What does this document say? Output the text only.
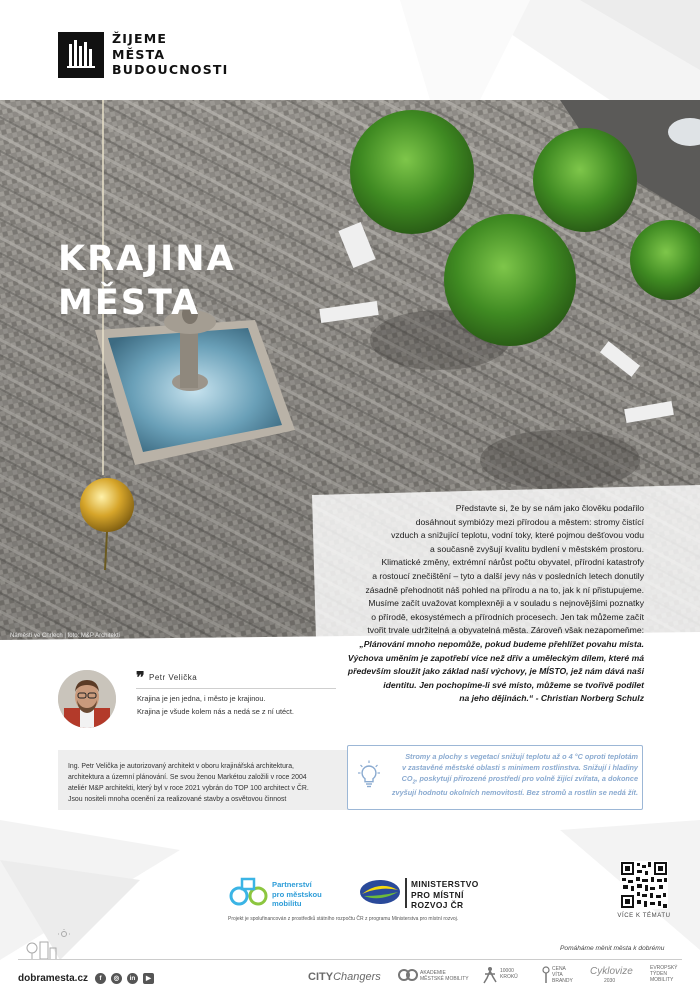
ŽIJEME
MĚSTA
BUDOUCNOSTI
KRAJINA
MĚSTA
Náměstí ve Chrlech | foto: M&P Architekti

Představte si, že by se nám jako člověku podařilo

dosáhnout symbiózy mezi přírodou a městem: stromy čistící

vzduch a snižující teplotu, vodní toky, které pojmou dešťovou vodu

a současně zvyšují kvalitu bydlení v městském prostoru.

Klimatické změny, extrémní nárůst počtu obyvatel, přírodní katastrofy

a rostoucí znečištění – tyto a další jevy nás v posledních letech donutily

zásadně přehodnotit náš pohled na přírodu a na to, jak k ní přistupujeme.

Musíme začít uvažovat komplexněji a v souladu s nejnovějšími poznatky

o přírodě, ekosystémech a přírodních procesech. Jen tak můžeme začít

tvořit trvale udržitelná a obyvatelná města. Zároveň však nezapomeňme:

„Plánování mnoho nepomůže, pokud budeme přehlížet povahu místa.

Výchova uměním je zapotřebí více než dřív a uměleckým dílem, které má

především sloužit jako základ naší výchovy, je MÍSTO, jež nám dává naši

identitu. Jen pochopíme-li své místo, můžeme se tvořivě podílet

na jeho dějinách.“ - Christian Norberg Schulz

❞ Petr Velička
Krajina je jen jedna, i město je krajinou.
Krajina je všude kolem nás a nedá se z ní utéct.
Ing. Petr Velička je autorizovaný architekt v oboru krajinářská architektura,
architektura a územní plánování. Se svou ženou Markétou založili v roce 2004
ateliér M&P architekti, který byl v roce 2021 vybrán do TOP 100 architect v ČR.
Jsou nositeli mnoha ocenění za realizované stavby a osvětovou činnost
Stromy a plochy s vegetací snižují teplotu až o 4 °C oproti teplotám
v zastavěné městské oblasti s minimem rostlinstva. Snižují i hladiny
$CO_2$, poskytují přirozené prostředí pro volně žijící zvířata, a dokonce
zvyšují hodnotu okolních nemovitostí. Bez stromů a rostlin se nedá žít.
Partnerství
pro městskou
mobilitu
MINISTERSTVO
PRO MÍSTNÍ
ROZVOJ ČR
Projekt je spolufinancován z prostředků státního rozpočtu ČR z programu Ministerstva pro místní rozvoj.	VÍCE K TÉMATU
Pomáháme měnit města k dobrému
dobramesta.cz	f	◎	in	▶	CITYChangers	AKADEMIE
MĚSTSKÉ MOBILITY
10000
KROKŮ
CENA
VÍTA
BRANDY
Cyklovize
2030
EVROPSKÝ
TÝDEN
MOBILITY
